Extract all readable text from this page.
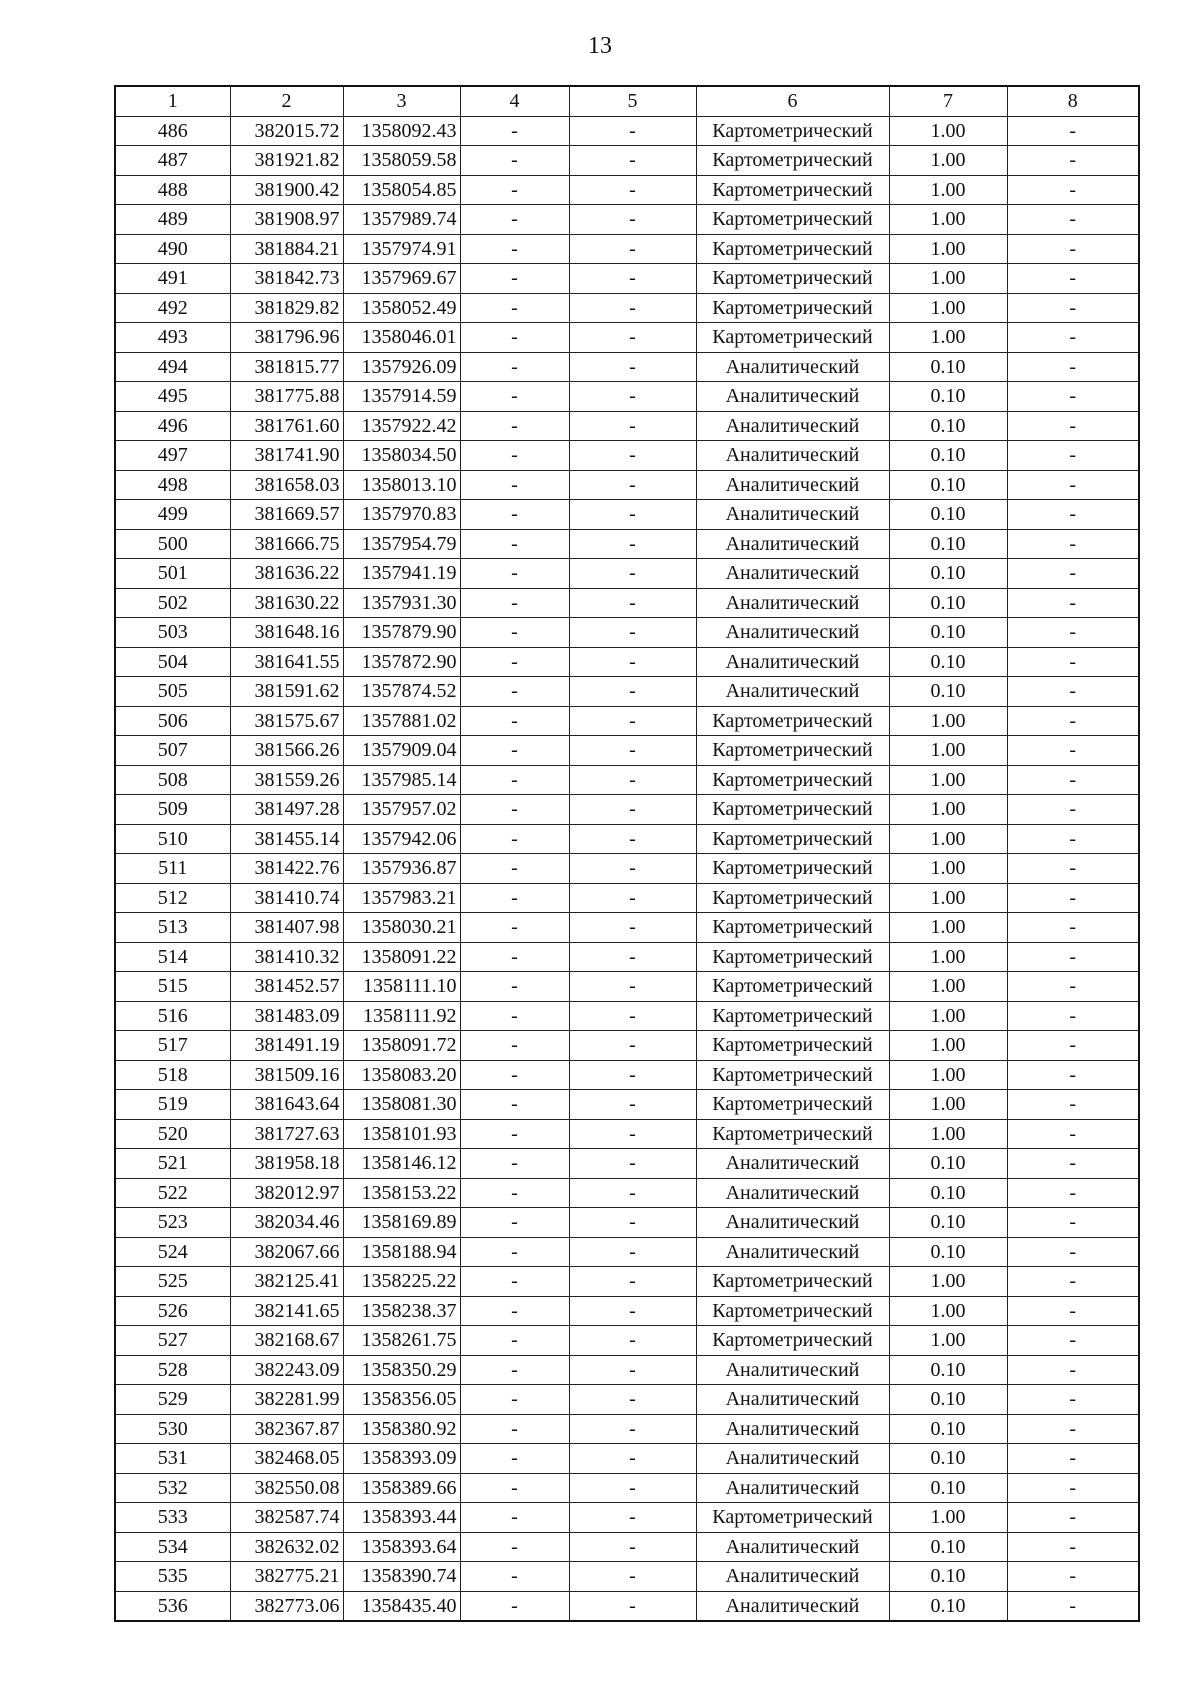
13
1	2	3	4	5	6	7	8
486	382015.72	1358092.43	-	-	Картометрический	1.00	-
487	381921.82	1358059.58	-	-	Картометрический	1.00	-
488	381900.42	1358054.85	-	-	Картометрический	1.00	-
489	381908.97	1357989.74	-	-	Картометрический	1.00	-
490	381884.21	1357974.91	-	-	Картометрический	1.00	-
491	381842.73	1357969.67	-	-	Картометрический	1.00	-
492	381829.82	1358052.49	-	-	Картометрический	1.00	-
493	381796.96	1358046.01	-	-	Картометрический	1.00	-
494	381815.77	1357926.09	-	-	Аналитический	0.10	-
495	381775.88	1357914.59	-	-	Аналитический	0.10	-
496	381761.60	1357922.42	-	-	Аналитический	0.10	-
497	381741.90	1358034.50	-	-	Аналитический	0.10	-
498	381658.03	1358013.10	-	-	Аналитический	0.10	-
499	381669.57	1357970.83	-	-	Аналитический	0.10	-
500	381666.75	1357954.79	-	-	Аналитический	0.10	-
501	381636.22	1357941.19	-	-	Аналитический	0.10	-
502	381630.22	1357931.30	-	-	Аналитический	0.10	-
503	381648.16	1357879.90	-	-	Аналитический	0.10	-
504	381641.55	1357872.90	-	-	Аналитический	0.10	-
505	381591.62	1357874.52	-	-	Аналитический	0.10	-
506	381575.67	1357881.02	-	-	Картометрический	1.00	-
507	381566.26	1357909.04	-	-	Картометрический	1.00	-
508	381559.26	1357985.14	-	-	Картометрический	1.00	-
509	381497.28	1357957.02	-	-	Картометрический	1.00	-
510	381455.14	1357942.06	-	-	Картометрический	1.00	-
511	381422.76	1357936.87	-	-	Картометрический	1.00	-
512	381410.74	1357983.21	-	-	Картометрический	1.00	-
513	381407.98	1358030.21	-	-	Картометрический	1.00	-
514	381410.32	1358091.22	-	-	Картометрический	1.00	-
515	381452.57	1358111.10	-	-	Картометрический	1.00	-
516	381483.09	1358111.92	-	-	Картометрический	1.00	-
517	381491.19	1358091.72	-	-	Картометрический	1.00	-
518	381509.16	1358083.20	-	-	Картометрический	1.00	-
519	381643.64	1358081.30	-	-	Картометрический	1.00	-
520	381727.63	1358101.93	-	-	Картометрический	1.00	-
521	381958.18	1358146.12	-	-	Аналитический	0.10	-
522	382012.97	1358153.22	-	-	Аналитический	0.10	-
523	382034.46	1358169.89	-	-	Аналитический	0.10	-
524	382067.66	1358188.94	-	-	Аналитический	0.10	-
525	382125.41	1358225.22	-	-	Картометрический	1.00	-
526	382141.65	1358238.37	-	-	Картометрический	1.00	-
527	382168.67	1358261.75	-	-	Картометрический	1.00	-
528	382243.09	1358350.29	-	-	Аналитический	0.10	-
529	382281.99	1358356.05	-	-	Аналитический	0.10	-
530	382367.87	1358380.92	-	-	Аналитический	0.10	-
531	382468.05	1358393.09	-	-	Аналитический	0.10	-
532	382550.08	1358389.66	-	-	Аналитический	0.10	-
533	382587.74	1358393.44	-	-	Картометрический	1.00	-
534	382632.02	1358393.64	-	-	Аналитический	0.10	-
535	382775.21	1358390.74	-	-	Аналитический	0.10	-
536	382773.06	1358435.40	-	-	Аналитический	0.10	-
